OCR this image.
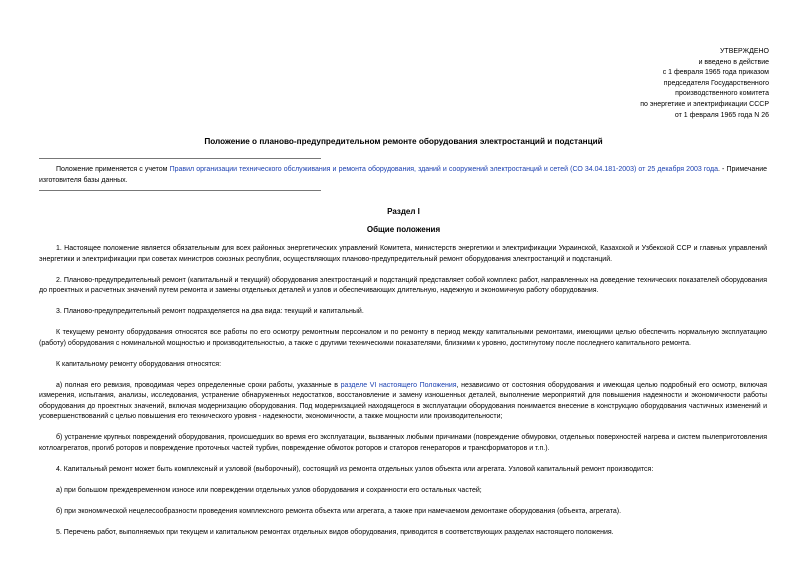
УТВЕРЖДЕНО
и введено в действие
с 1 февраля 1965 года приказом
председателя Государственного
производственного комитета
по энергетике и электрификации СССР
от 1 февраля 1965 года N 26
Положение о планово-предупредительном ремонте оборудования электростанций и подстанций
Положение применяется с учетом Правил организации технического обслуживания и ремонта оборудования, зданий и сооружений электростанций и сетей (СО 34.04.181-2003) от 25 декабря 2003 года. - Примечание изготовителя базы данных.
Раздел I
Общие положения

1. Настоящее положение является обязательным для всех районных энергетических управлений Комитета, министерств энергетики и электрификации Украинской, Казахской и Узбекской ССР и главных управлений энергетики и электрификации при советах министров союзных республик, осуществляющих планово-предупредительный ремонт оборудования электростанций и подстанций.

2. Планово-предупредительный ремонт (капитальный и текущий) оборудования электростанций и подстанций представляет собой комплекс работ, направленных на доведение технических показателей оборудования до проектных и расчетных значений путем ремонта и замены отдельных деталей и узлов и обеспечивающих длительную, надежную и экономичную работу оборудования.

3. Планово-предупредительный ремонт подразделяется на два вида: текущий и капитальный.

К текущему ремонту оборудования относятся все работы по его осмотру ремонтным персоналом и по ремонту в период между капитальными ремонтами, имеющими целью обеспечить нормальную эксплуатацию (работу) оборудования с номинальной мощностью и производительностью, а также с другими техническими показателями, близкими к уровню, достигнутому после последнего капитального ремонта.

К капитальному ремонту оборудования относятся:

а) полная его ревизия, проводимая через определенные сроки работы, указанные в разделе VI настоящего Положения, независимо от состояния оборудования и имеющая целью подробный его осмотр, включая измерения, испытания, анализы, исследования, устранение обнаруженных недостатков, восстановление и замену изношенных деталей, выполнение мероприятий для повышения надежности и экономичности работы оборудования до проектных значений, включая модернизацию оборудования. Под модернизацией находящегося в эксплуатации оборудования понимается внесение в конструкцию оборудования частичных изменений и усовершенствований с целью повышения его технического уровня - надежности, экономичности, а также мощности или производительности;

б) устранение крупных повреждений оборудования, происшедших во время его эксплуатации, вызванных любыми причинами (повреждение обмуровки, отдельных поверхностей нагрева и систем пылеприготовления котлоагрегатов, прогиб роторов и повреждение проточных частей турбин, повреждение обмоток роторов и статоров генераторов и трансформаторов и т.п.).

4. Капитальный ремонт может быть комплексный и узловой (выборочный), состоящий из ремонта отдельных узлов объекта или агрегата. Узловой капитальный ремонт производится:

а) при большом преждевременном износе или повреждении отдельных узлов оборудования и сохранности его остальных частей;

б) при экономической нецелесообразности проведения комплексного ремонта объекта или агрегата, а также при намечаемом демонтаже оборудования (объекта, агрегата).

5. Перечень работ, выполняемых при текущем и капитальном ремонтах отдельных видов оборудования, приводится в соответствующих разделах настоящего положения.
